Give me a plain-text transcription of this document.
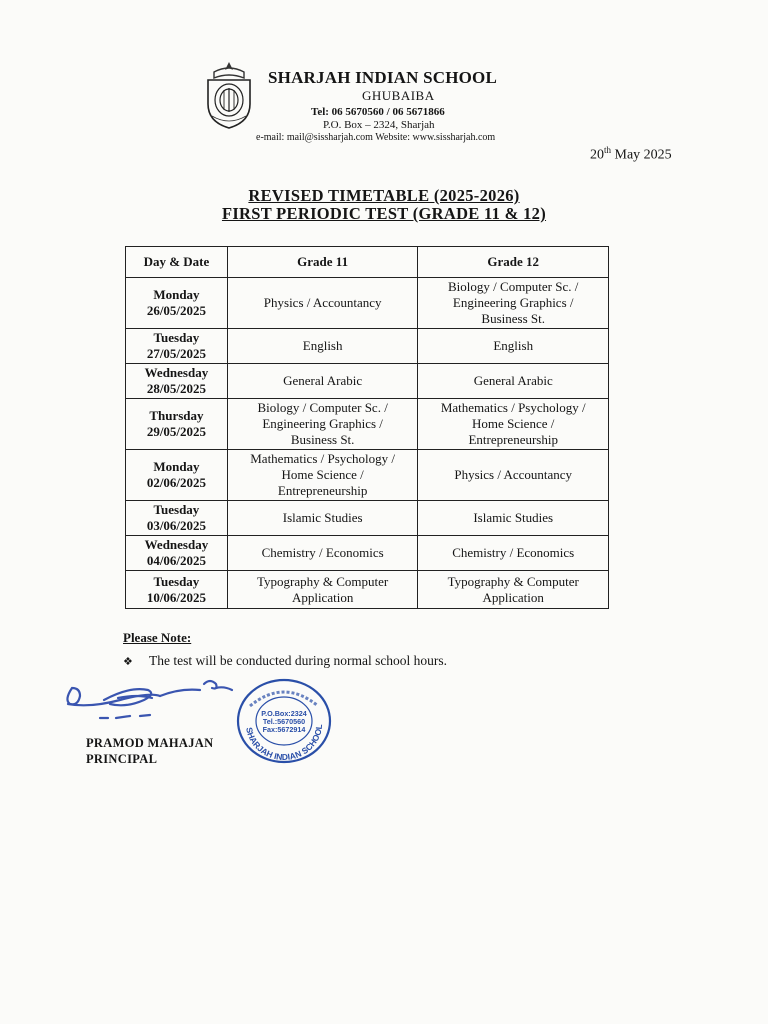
SHARJAH INDIAN SCHOOL
GHUBAIBA
Tel: 06 5670560 / 06 5671866
P.O. Box – 2324, Sharjah
e-mail: mail@sissharjah.com Website: www.sissharjah.com
20th May 2025
REVISED TIMETABLE (2025-2026)
FIRST PERIODIC TEST (GRADE 11 & 12)
Day & Date	Grade 11	Grade 12

Monday
26/05/2025	Physics / Accountancy	Biology / Computer Sc. /
Engineering Graphics /
Business St.

Tuesday
27/05/2025	English	English

Wednesday
28/05/2025	General Arabic	General Arabic

Thursday
29/05/2025	Biology / Computer Sc. /
Engineering Graphics /
Business St.	Mathematics / Psychology /
Home Science /
Entrepreneurship

Monday
02/06/2025	Mathematics / Psychology /
Home Science /
Entrepreneurship	Physics / Accountancy

Tuesday
03/06/2025	Islamic Studies	Islamic Studies

Wednesday
04/06/2025	Chemistry / Economics	Chemistry / Economics

Tuesday
10/06/2025	Typography & Computer
Application	Typography & Computer
Application
Please Note:
❖ The test will be conducted during normal school hours.
PRAMOD MAHAJAN
PRINCIPAL
SHARJAH INDIAN SCHOOL
P.O.Box:2324
Tel.:5670560
Fax:5672914
